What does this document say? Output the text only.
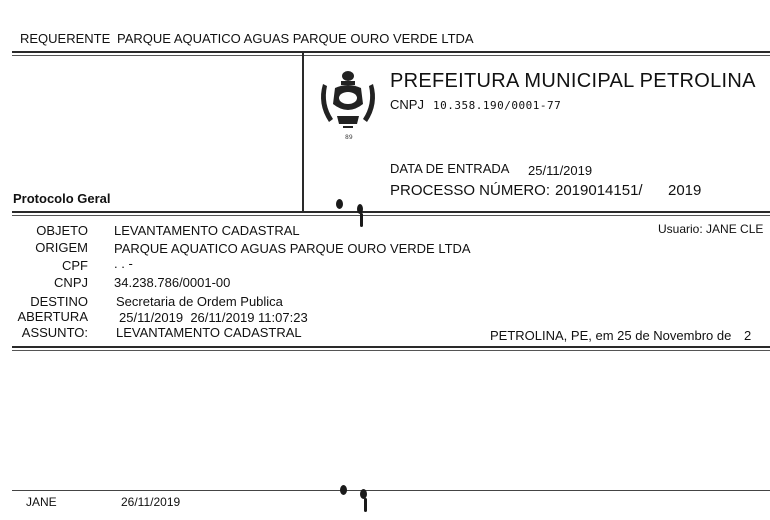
REQUERENTE PARQUE AQUATICO AGUAS PARQUE OURO VERDE LTDA
89
PREFEITURA MUNICIPAL PETROLINA
CNPJ 10.358.190/0001-77
DATA DE ENTRADA 25/11/2019
PROCESSO NÚMERO: 2019014151/ 2019
Protocolo Geral
Usuario: JANE CLE
OBJETO LEVANTAMENTO CADASTRAL
ORIGEM PARQUE AQUATICO AGUAS PARQUE OURO VERDE LTDA
CPF . . -
CNPJ 34.238.786/0001-00
DESTINO Secretaria de Ordem Publica
ABERTURA 25/11/2019  26/11/2019 11:07:23
ASSUNTO: LEVANTAMENTO CADASTRAL	PETROLINA, PE, em 25 de Novembro de 2
JANE	26/11/2019
